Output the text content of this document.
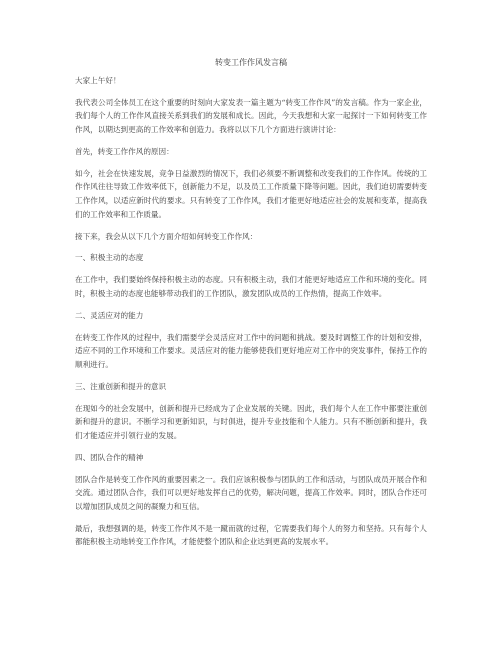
转变工作作风发言稿

大家上午好！

我代表公司全体员工在这个重要的时刻向大家发表一篇主题为“转变工作作风”的发言稿。作为一家企业，我们每个人的工作作风直接关系到我们的发展和成长。因此，今天我想和大家一起探讨一下如何转变工作作风，以期达到更高的工作效率和创造力。我将以以下几个方面进行演讲讨论：

首先，转变工作作风的原因：

如今，社会在快速发展，竞争日益激烈的情况下，我们必须要不断调整和改变我们的工作作风。传统的工作作风往往导致工作效率低下，创新能力不足，以及员工工作质量下降等问题。因此，我们迫切需要转变工作作风，以适应新时代的要求。只有转变了工作作风，我们才能更好地适应社会的发展和变革，提高我们的工作效率和工作质量。

接下来，我会从以下几个方面介绍如何转变工作作风：

一、积极主动的态度

在工作中，我们要始终保持积极主动的态度。只有积极主动，我们才能更好地适应工作和环境的变化。同时，积极主动的态度也能够带动我们的工作团队，激发团队成员的工作热情，提高工作效率。

二、灵活应对的能力

在转变工作作风的过程中，我们需要学会灵活应对工作中的问题和挑战。要及时调整工作的计划和安排，适应不同的工作环境和工作要求。灵活应对的能力能够使我们更好地应对工作中的突发事件，保持工作的顺利进行。

三、注重创新和提升的意识

在现如今的社会发展中，创新和提升已经成为了企业发展的关键。因此，我们每个人在工作中都要注重创新和提升的意识。不断学习和更新知识，与时俱进，提升专业技能和个人能力。只有不断创新和提升，我们才能适应并引领行业的发展。

四、团队合作的精神

团队合作是转变工作作风的重要因素之一。我们应该积极参与团队的工作和活动，与团队成员开展合作和交流。通过团队合作，我们可以更好地发挥自己的优势，解决问题，提高工作效率。同时，团队合作还可以增加团队成员之间的凝聚力和互信。

最后，我想强调的是，转变工作作风不是一蹴而就的过程，它需要我们每个人的努力和坚持。只有每个人都能积极主动地转变工作作风，才能使整个团队和企业达到更高的发展水平。
